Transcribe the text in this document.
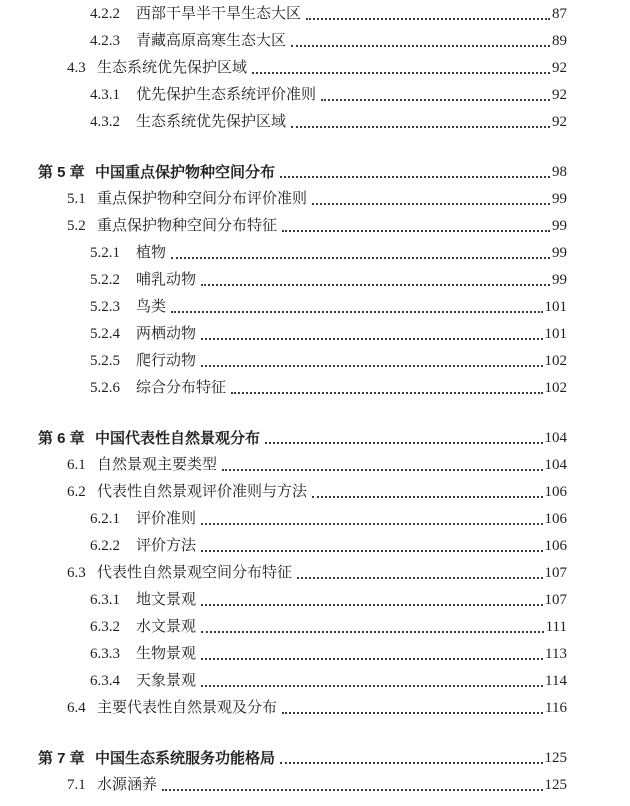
4.2.2	西部干旱半干旱生态大区	87
4.2.3	青藏高原高寒生态大区	89
4.3 生态系统优先保护区域	92
4.3.1	优先保护生态系统评价准则	92
4.3.2	生态系统优先保护区域	92
第 5 章 中国重点保护物种空间分布	98
5.1 重点保护物种空间分布评价准则	99
5.2 重点保护物种空间分布特征	99
5.2.1	植物	99
5.2.2	哺乳动物	99
5.2.3	鸟类	101
5.2.4	两栖动物	101
5.2.5	爬行动物	102
5.2.6	综合分布特征	102
第 6 章 中国代表性自然景观分布	104
6.1 自然景观主要类型	104
6.2 代表性自然景观评价准则与方法	106
6.2.1	评价准则	106
6.2.2	评价方法	106
6.3 代表性自然景观空间分布特征	107
6.3.1	地文景观	107
6.3.2	水文景观	111
6.3.3	生物景观	113
6.3.4	天象景观	114
6.4 主要代表性自然景观及分布	116
第 7 章 中国生态系统服务功能格局	125
7.1 水源涵养	125
